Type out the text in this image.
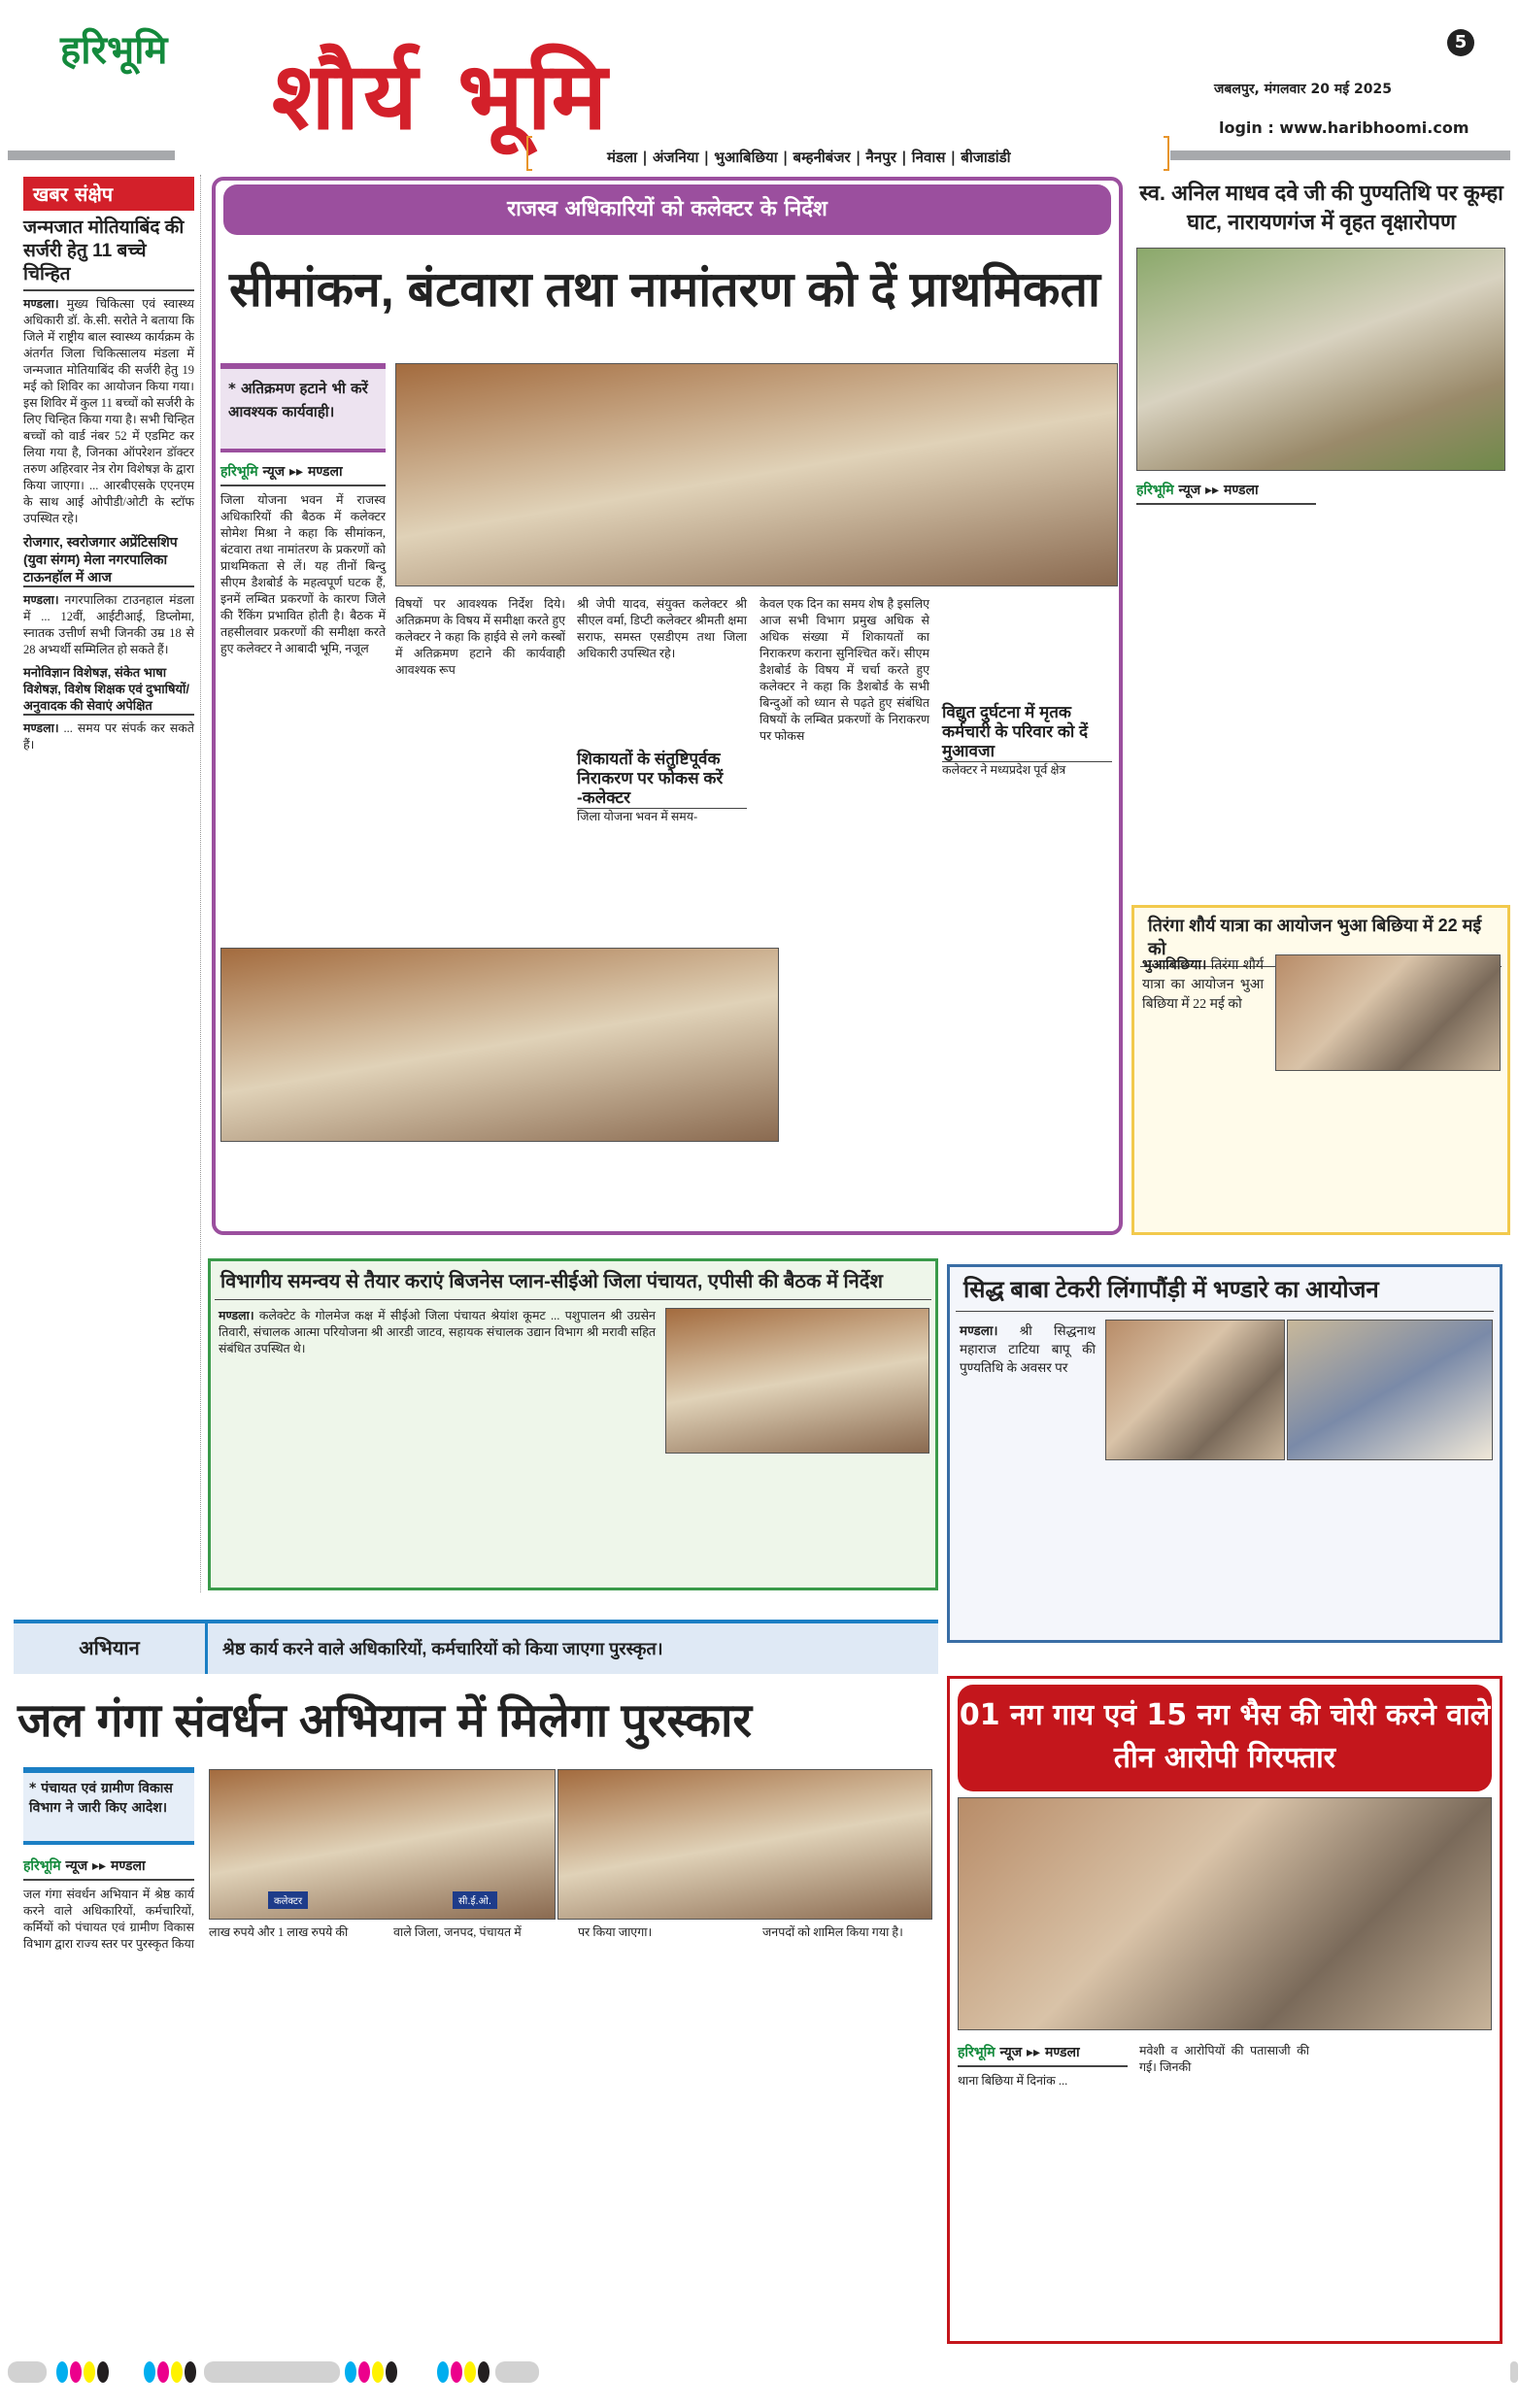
हरिभूमि शौर्य भूमि	5
जबलपुर, मंगलवार 20 मई 2025
login : www.haribhoomi.com
मंडला | अंजनिया | भुआबिछिया | बम्हनीबंजर | नैनपुर | निवास | बीजाडांडी
खबर संक्षेप
जन्मजात मोतियाबिंद की सर्जरी हेतु 11 बच्चे चिन्हित
मण्डला। मुख्य चिकित्सा एवं स्वास्थ्य अधिकारी डॉ. के.सी. सरोते ने बताया कि जिले में राष्ट्रीय बाल स्वास्थ्य कार्यक्रम के अंतर्गत जिला चिकित्सालय मंडला में जन्मजात मोतियाबिंद की सर्जरी हेतु 19 मई को शिविर का आयोजन किया गया। इस शिविर में कुल 11 बच्चों को सर्जरी के लिए चिन्हित किया गया है। सभी चिन्हित बच्चों को वार्ड नंबर 52 में एडमिट कर लिया गया है, जिनका ऑपरेशन डॉक्टर तरुण अहिरवार नेत्र रोग विशेषज्ञ के द्वारा किया जाएगा। ... आरबीएसके एएनएम के साथ आई ओपीडी/ओटी के स्टॉफ उपस्थित रहे।
रोजगार, स्वरोजगार अप्रेंटिसशिप (युवा संगम) मेला नगरपालिका टाऊनहॉल में आज
मण्डला। नगरपालिका टाउनहाल मंडला में ... 12वीं, आईटीआई, डिप्लोमा, स्नातक उत्तीर्ण सभी जिनकी उम्र 18 से 28 अभ्यर्थी सम्मिलित हो सकते हैं।
मनोविज्ञान विशेषज्ञ, संकेत भाषा विशेषज्ञ, विशेष शिक्षक एवं दुभाषियों/अनुवादक की सेवाएं अपेक्षित
मण्डला। ... समय पर संपर्क कर सकते हैं।
राजस्व अधिकारियों को कलेक्टर के निर्देश
सीमांकन, बंटवारा तथा नामांतरण को दें प्राथमिकता
* अतिक्रमण हटाने भी करें आवश्यक कार्यवाही।
हरिभूमि न्यूज ▸▸ मण्डला
जिला योजना भवन में राजस्व अधिकारियों की बैठक में कलेक्टर सोमेश मिश्रा ने कहा कि सीमांकन, बंटवारा तथा नामांतरण के प्रकरणों को प्राथमिकता से लें। यह तीनों बिन्दु सीएम डैशबोर्ड के महत्वपूर्ण घटक हैं, इनमें लम्बित प्रकरणों के कारण जिले की रैंकिंग प्रभावित होती है। बैठक में तहसीलवार प्रकरणों की समीक्षा करते हुए कलेक्टर ने आबादी भूमि, नजूल
विषयों पर आवश्यक निर्देश दिये। अतिक्रमण के विषय में समीक्षा करते हुए कलेक्टर ने कहा कि हाईवे से लगे कस्बों में अतिक्रमण हटाने की कार्यवाही आवश्यक रूप
श्री जेपी यादव, संयुक्त कलेक्टर श्री सीएल वर्मा, डिप्टी कलेक्टर श्रीमती क्षमा सराफ, समस्त एसडीएम तथा जिला अधिकारी उपस्थित रहे।
शिकायतों के संतुष्टिपूर्वक निराकरण पर फोकस करें -कलेक्टर
जिला योजना भवन में समय-
केवल एक दिन का समय शेष है इसलिए आज सभी विभाग प्रमुख अधिक से अधिक संख्या में शिकायतों का निराकरण कराना सुनिश्चित करें। सीएम डैशबोर्ड के विषय में चर्चा करते हुए कलेक्टर ने कहा कि डैशबोर्ड के सभी बिन्दुओं को ध्यान से पढ़ते हुए संबंधित विषयों के लम्बित प्रकरणों के निराकरण पर फोकस
विद्युत दुर्घटना में मृतक कर्मचारी के परिवार को दें मुआवजा
कलेक्टर ने मध्यप्रदेश पूर्व क्षेत्र
स्व. अनिल माधव दवे जी की पुण्यतिथि पर कूम्हा घाट, नारायणगंज में वृहत वृक्षारोपण
हरिभूमि न्यूज ▸▸ मण्डला
तिरंगा शौर्य यात्रा का आयोजन भुआ बिछिया में 22 मई को
भुआबिछिया। तिरंगा शौर्य यात्रा का आयोजन भुआ बिछिया में 22 मई को
विभागीय समन्वय से तैयार कराएं बिजनेस प्लान-सीईओ जिला पंचायत, एपीसी की बैठक में निर्देश
मण्डला। कलेक्टेट के गोलमेज कक्ष में सीईओ जिला पंचायत श्रेयांश कूमट ... पशुपालन श्री उग्रसेन तिवारी, संचालक आत्मा परियोजना श्री आरडी जाटव, सहायक संचालक उद्यान विभाग श्री मरावी सहित संबंधित उपस्थित थे।
सिद्ध बाबा टेकरी लिंगापौंड़ी में भण्डारे का आयोजन
मण्डला। श्री सिद्धनाथ महाराज टाटिया बापू की पुण्यतिथि के अवसर पर
अभियान	श्रेष्ठ कार्य करने वाले अधिकारियों, कर्मचारियों को किया जाएगा पुरस्कृत।
जल गंगा संवर्धन अभियान में मिलेगा पुरस्कार
* पंचायत एवं ग्रामीण विकास विभाग ने जारी किए आदेश।
हरिभूमि न्यूज ▸▸ मण्डला
जल गंगा संवर्धन अभियान में श्रेष्ठ कार्य करने वाले अधिकारियों, कर्मचारियों, कर्मियों को पंचायत एवं ग्रामीण विकास विभाग द्वारा राज्य स्तर पर पुरस्कृत किया
कलेक्टर	सी.ई.ओ.
लाख रुपये और 1 लाख रुपये की	वाले जिला, जनपद, पंचायत में	पर किया जाएगा।	जनपदों को शामिल किया गया है।
01 नग गाय एवं 15 नग भैस की चोरी करने वाले तीन आरोपी गिरफ्तार
हरिभूमि न्यूज ▸▸ मण्डला
थाना बिछिया में दिनांक ...
मवेशी व आरोपियों की पतासाजी की गई। जिनकी
